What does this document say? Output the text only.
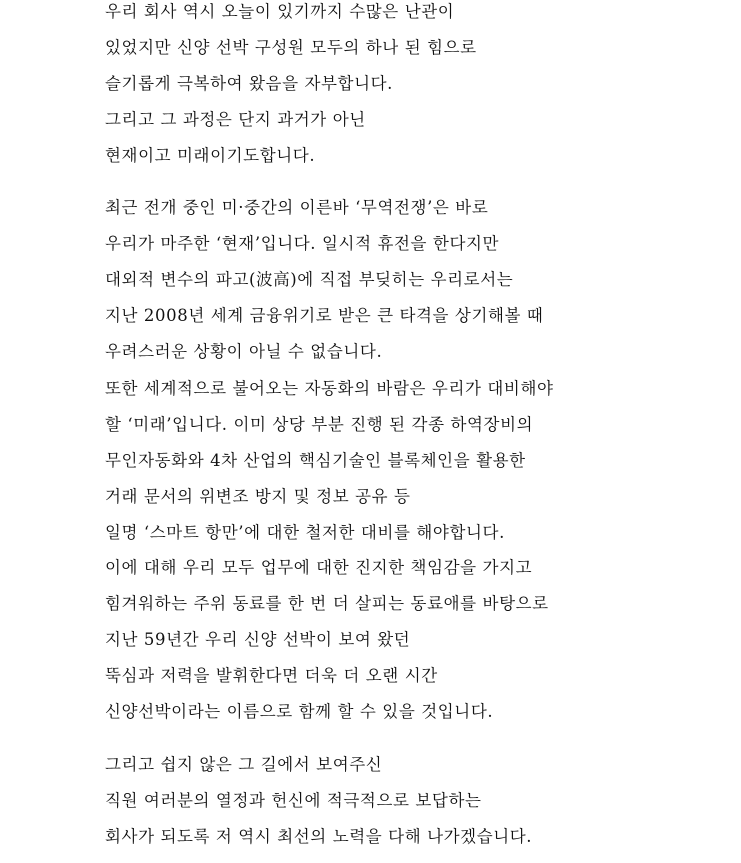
우리 회사 역시 오늘이 있기까지 수많은 난관이
있었지만 신양 선박 구성원 모두의 하나 된 힘으로
슬기롭게 극복하여 왔음을 자부합니다.
그리고 그 과정은 단지 과거가 아닌
현재이고 미래이기도합니다.
최근 전개 중인 미·중간의 이른바 ‘무역전쟁’은 바로
우리가 마주한 ‘현재’입니다. 일시적 휴전을 한다지만
대외적 변수의 파고(波高)에 직접 부딪히는 우리로서는
지난 2008년 세계 금융위기로 받은 큰 타격을 상기해볼 때
우려스러운 상황이 아닐 수 없습니다.
또한 세계적으로 불어오는 자동화의 바람은 우리가 대비해야
할 ‘미래’입니다. 이미 상당 부분 진행 된 각종 하역장비의
무인자동화와 4차 산업의 핵심기술인 블록체인을 활용한
거래 문서의 위변조 방지 및 정보 공유 등
일명 ‘스마트 항만’에 대한 철저한 대비를 해야합니다.
이에 대해 우리 모두 업무에 대한 진지한 책임감을 가지고
힘겨워하는 주위 동료를 한 번 더 살피는 동료애를 바탕으로
지난 59년간 우리 신양 선박이 보여 왔던
뚝심과 저력을 발휘한다면 더욱 더 오랜 시간
신양선박이라는 이름으로 함께 할 수 있을 것입니다.
그리고 쉽지 않은 그 길에서 보여주신
직원 여러분의 열정과 헌신에 적극적으로 보답하는
회사가 되도록 저 역시 최선의 노력을 다해 나가겠습니다.
